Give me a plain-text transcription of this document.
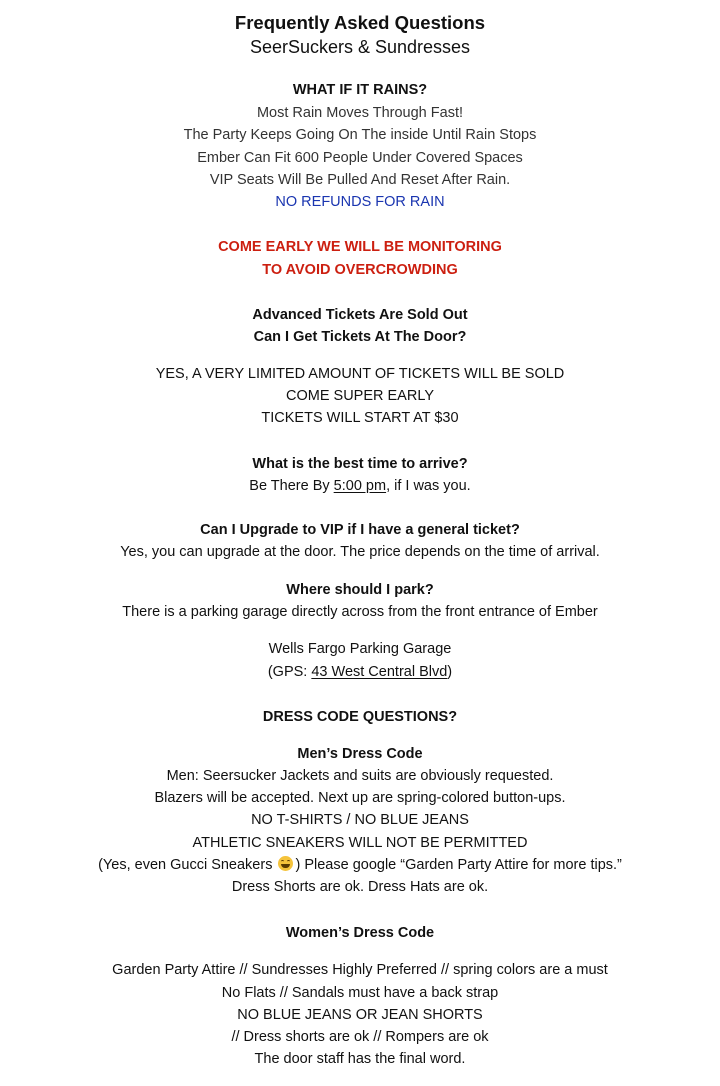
Frequently Asked Questions
SeerSuckers & Sundresses
WHAT IF IT RAINS?
Most Rain Moves Through Fast!
The Party Keeps Going On The inside Until Rain Stops
Ember Can Fit 600 People Under Covered Spaces
VIP Seats Will Be Pulled And Reset After Rain.
NO REFUNDS FOR RAIN
COME EARLY WE WILL BE MONITORING
TO AVOID OVERCROWDING
Advanced Tickets Are Sold Out
Can I Get Tickets At The Door?
YES, A VERY LIMITED AMOUNT OF TICKETS WILL BE SOLD
COME SUPER EARLY
TICKETS WILL START AT $30
What is the best time to arrive?
Be There By 5:00 pm, if I was you.
Can I Upgrade to VIP if I have a general ticket?
Yes, you can upgrade at the door. The price depends on the time of arrival.
Where should I park?
There is a parking garage directly across from the front entrance of Ember
Wells Fargo Parking Garage
(GPS: 43 West Central Blvd)
DRESS CODE QUESTIONS?
Men’s Dress Code
Men: Seersucker Jackets and suits are obviously requested.
Blazers will be accepted. Next up are spring-colored button-ups.
NO T-SHIRTS / NO BLUE JEANS
ATHLETIC SNEAKERS WILL NOT BE PERMITTED
(Yes, even Gucci Sneakers
) Please google “Garden Party Attire for more tips.”
Dress Shorts are ok. Dress Hats are ok.
Women’s Dress Code
Garden Party Attire // Sundresses Highly Preferred // spring colors are a must
No Flats // Sandals must have a back strap
NO BLUE JEANS OR JEAN SHORTS
// Dress shorts are ok // Rompers are ok
The door staff has the final word.
